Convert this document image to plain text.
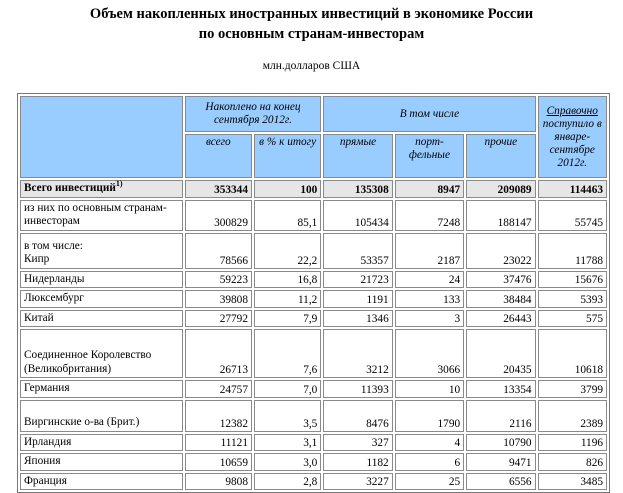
Объем накопленных иностранных инвестиций в экономике России
по основным странам-инвесторам
млн.долларов США
	Накоплено на конец сентября 2012г.		В том числе			Справочно поступило в январе-сентябре 2012г.
	всего	в % к итогу	прямые	порт-фельные	прочие	
Всего инвестиций$^{1)}$	353344	100	135308	8947	209089	114463
из них по основным странам-инвесторам	300829	85,1	105434	7248	188147	55745
в том числе:
Кипр	78566	22,2	53357	2187	23022	11788
Нидерланды	59223	16,8	21723	24	37476	15676
Люксембург	39808	11,2	1191	133	38484	5393
Китай	27792	7,9	1346	3	26443	575
Соединенное Королевство (Великобритания)	26713	7,6	3212	3066	20435	10618
Германия	24757	7,0	11393	10	13354	3799
Виргинские о-ва (Брит.)	12382	3,5	8476	1790	2116	2389
Ирландия	11121	3,1	327	4	10790	1196
Япония	10659	3,0	1182	6	9471	826
Франция	9808	2,8	3227	25	6556	3485
